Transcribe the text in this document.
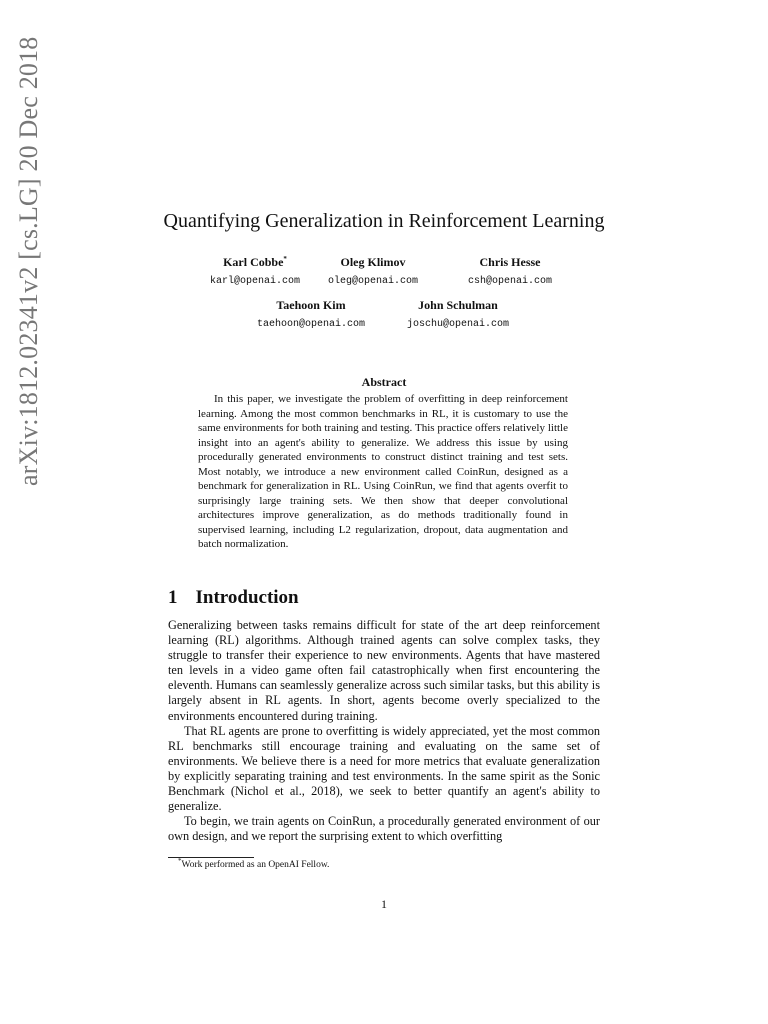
arXiv:1812.02341v2 [cs.LG] 20 Dec 2018	Quantifying Generalization in Reinforcement Learning
Karl Cobbe*
karl@openai.com
Oleg Klimov
oleg@openai.com
Chris Hesse
csh@openai.com
Taehoon Kim
taehoon@openai.com
John Schulman
joschu@openai.com
Abstract
In this paper, we investigate the problem of overfitting in deep reinforcement learning. Among the most common benchmarks in RL, it is customary to use the same environments for both training and testing. This practice offers relatively little insight into an agent's ability to generalize. We address this issue by using procedurally generated environments to construct distinct training and test sets. Most notably, we introduce a new environment called CoinRun, designed as a benchmark for generalization in RL. Using CoinRun, we find that agents overfit to surprisingly large training sets. We then show that deeper convolutional architectures improve generalization, as do methods traditionally found in supervised learning, including L2 regularization, dropout, data augmentation and batch normalization.
1 Introduction

Generalizing between tasks remains difficult for state of the art deep reinforcement learning (RL) algorithms. Although trained agents can solve complex tasks, they struggle to transfer their experience to new environments. Agents that have mastered ten levels in a video game often fail catastrophically when first encountering the eleventh. Humans can seamlessly generalize across such similar tasks, but this ability is largely absent in RL agents. In short, agents become overly specialized to the environments encountered during training.

That RL agents are prone to overfitting is widely appreciated, yet the most common RL benchmarks still encourage training and evaluating on the same set of environments. We believe there is a need for more metrics that evaluate generalization by explicitly separating training and test environments. In the same spirit as the Sonic Benchmark (Nichol et al., 2018), we seek to better quantify an agent's ability to generalize.

To begin, we train agents on CoinRun, a procedurally generated environment of our own design, and we report the surprising extent to which overfitting

*Work performed as an OpenAI Fellow.
1
